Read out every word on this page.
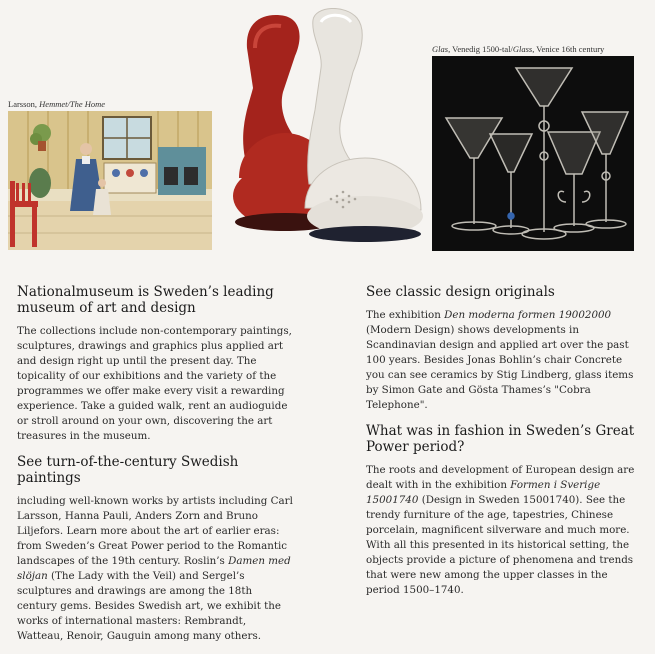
Larsson, Hemmet/The Home
Glas, Venedig 1500-tal/Glass, Venice 16th century
Nationalmuseum is Sweden’s leading museum of art and design

The collections include non-contemporary paintings, sculptures, drawings and graphics plus applied art and design right up until the present day. The topicality of our exhibitions and the variety of the programmes we offer make every visit a rewarding experience. Take a guided walk, rent an audioguide or stroll around on your own, discovering the art treasures in the museum.

See turn-of-the-century Swedish paintings

including well-known works by artists including Carl Larsson, Hanna Pauli, Anders Zorn and Bruno Liljefors. Learn more about the art of earlier eras: from Sweden’s Great Power period to the Romantic landscapes of the 19th century. Roslin’s Damen med slöjan (The Lady with the Veil) and Sergel’s sculptures and drawings are among the 18th century gems. Besides Swedish art, we exhibit the works of international masters: Rembrandt, Watteau, Renoir, Gauguin among many others.

See classic design originals

The exhibition Den moderna formen 19002000 (Modern Design) shows developments in Scandinavian design and applied art over the past 100 years. Besides Jonas Bohlin’s chair Concrete you can see ceramics by Stig Lindberg, glass items by Simon Gate and Gösta Thames’s "Cobra Telephone".

What was in fashion in Sweden’s Great Power period?

The roots and development of European design are dealt with in the exhibition Formen i Sverige 15001740 (Design in Sweden 15001740). See the trendy furniture of the age, tapestries, Chinese porcelain, magnificent silverware and much more. With all this presented in its historical setting, the objects provide a picture of phenomena and trends that were new among the upper classes in the period 1500–1740.
